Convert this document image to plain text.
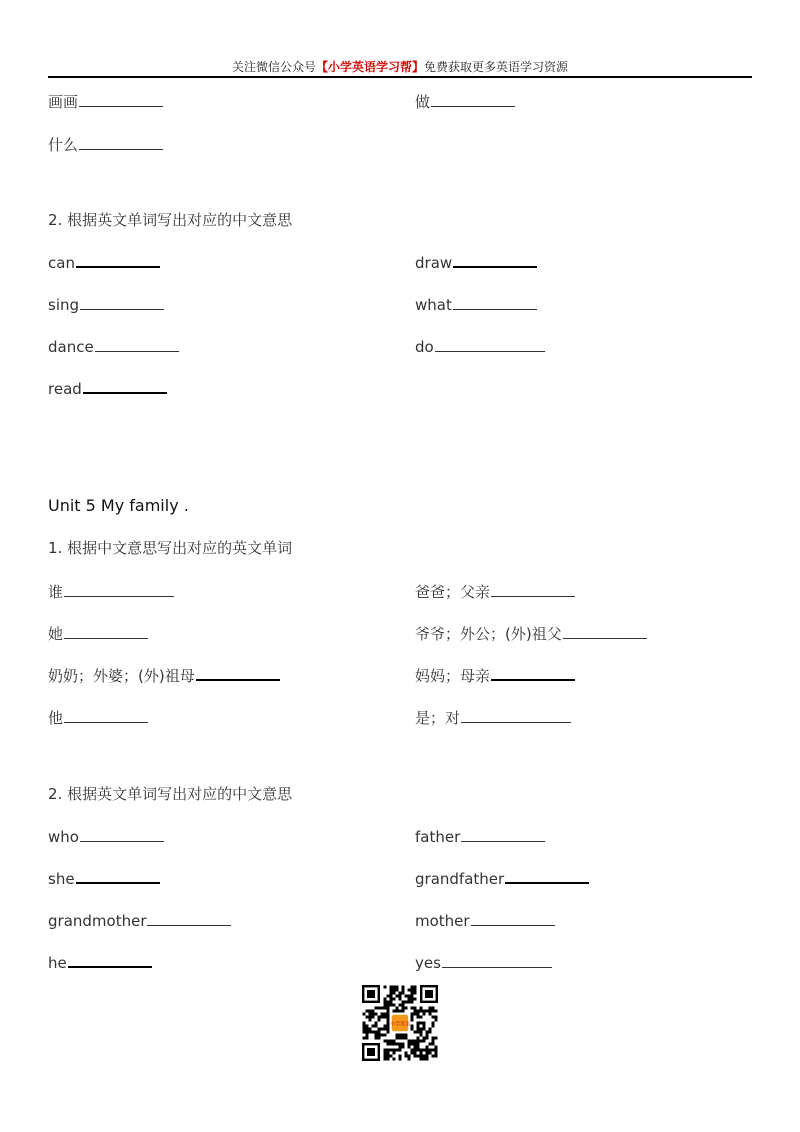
关注微信公众号【小学英语学习帮】免费获取更多英语学习资源
画画	做
什么
2. 根据英文单词写出对应的中文意思
can	draw
sing	what
dance	do
read
Unit 5 My family .
1. 根据中文意思写出对应的英文单词
谁	爸爸；父亲
她	爷爷；外公；(外)祖父
奶奶；外婆；(外)祖母	妈妈；母亲
他	是；对
2. 根据英文单词写出对应的中文意思
who	father
she	grandfather
grandmother	mother
he	yes
小学英语
